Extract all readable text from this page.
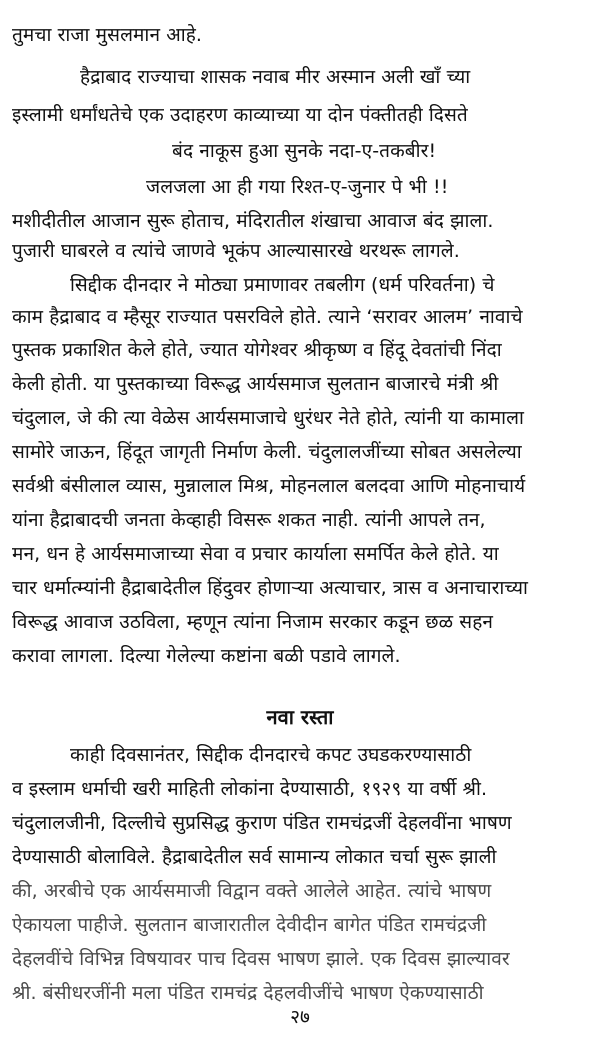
तुमचा राजा मुसलमान आहे.
हैद्राबाद राज्याचा शासक नवाब मीर अस्मान अली खाँ च्या
इस्लामी धर्मांधतेचे एक उदाहरण काव्याच्या या दोन पंक्तीतही दिसते
बंद नाकूस हुआ सुनके नदा-ए-तकबीर!
जलजला आ ही गया रिश्त-ए-जुनार पे भी !!
मशीदीतील आजान सुरू होताच, मंदिरातील शंखाचा आवाज बंद झाला.
पुजारी घाबरले व त्यांचे जाणवे भूकंप आल्यासारखे थरथरू लागले.
सिद्दीक दीनदार ने मोठ्या प्रमाणावर तबलीग (धर्म परिवर्तना) चे
काम हैद्राबाद व म्हैसूर राज्यात पसरविले होते. त्याने ‘सरावर आलम’ नावाचे
पुस्तक प्रकाशित केले होते, ज्यात योगेश्वर श्रीकृष्ण व हिंदू देवतांची निंदा
केली होती. या पुस्तकाच्या विरूद्ध आर्यसमाज सुलतान बाजारचे मंत्री श्री
चंदुलाल, जे की त्या वेळेस आर्यसमाजाचे धुरंधर नेते होते, त्यांनी या कामाला
सामोरे जाऊन, हिंदूत जागृती निर्माण केली. चंदुलालजींच्या सोबत असलेल्या
सर्वश्री बंसीलाल व्यास, मुन्नालाल मिश्र, मोहनलाल बलदवा आणि मोहनाचार्य
यांना हैद्राबादची जनता केव्हाही विसरू शकत नाही. त्यांनी आपले तन,
मन, धन हे आर्यसमाजाच्या सेवा व प्रचार कार्याला समर्पित केले होते. या
चार धर्मात्म्यांनी हैद्राबादेतील हिंदुवर होणाऱ्या अत्याचार, त्रास व अनाचाराच्या
विरूद्ध आवाज उठविला, म्हणून त्यांना निजाम सरकार कडून छळ सहन
करावा लागला. दिल्या गेलेल्या कष्टांना बळी पडावे लागले.
नवा रस्ता
काही दिवसानंतर, सिद्दीक दीनदारचे कपट उघडकरण्यासाठी
व इस्लाम धर्माची खरी माहिती लोकांना देण्यासाठी, १९२९ या वर्षी श्री.
चंदुलालजीनी, दिल्लीचे सुप्रसिद्ध कुराण पंडित रामचंद्रजीं देहलवींना भाषण
देण्यासाठी बोलाविले. हैद्राबादेतील सर्व सामान्य लोकात चर्चा सुरू झाली
की, अरबीचे एक आर्यसमाजी विद्वान वक्ते आलेले आहेत. त्यांचे भाषण
ऐकायला पाहीजे. सुलतान बाजारातील देवीदीन बागेत पंडित रामचंद्रजी
देहलवींचे विभिन्न विषयावर पाच दिवस भाषण झाले. एक दिवस झाल्यावर
श्री. बंसीधरजींनी मला पंडित रामचंद्र देहलवीजींचे भाषण ऐकण्यासाठी
२७
